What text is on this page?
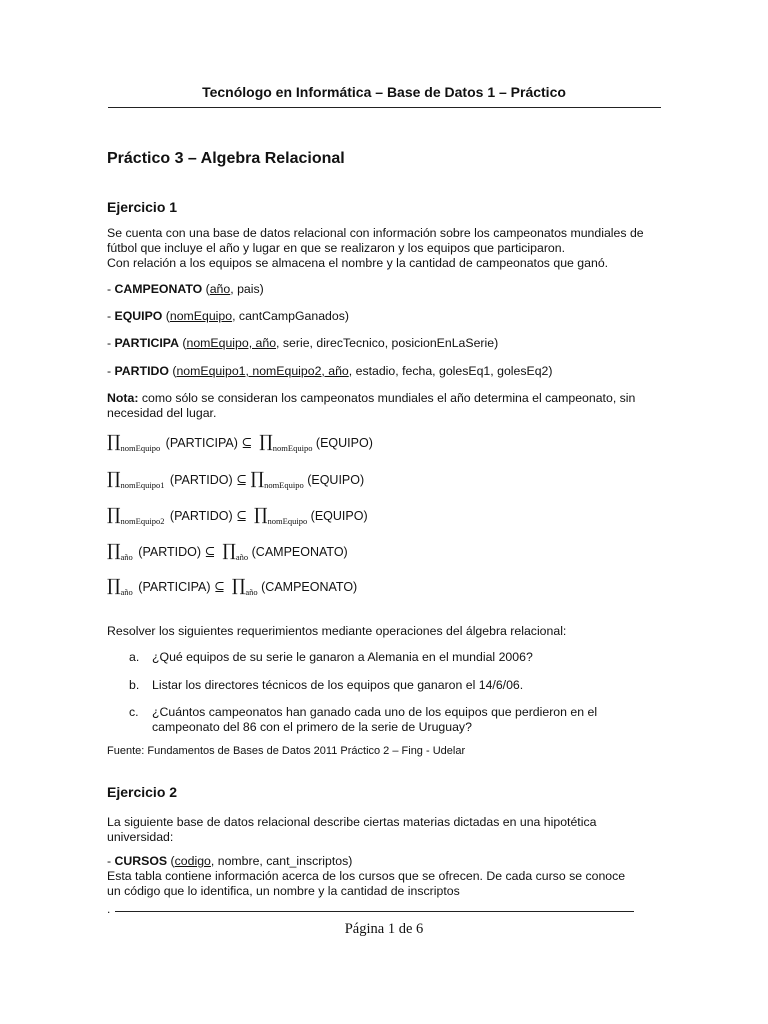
Tecnólogo en Informática – Base de Datos 1 – Práctico
Práctico 3 – Algebra Relacional
Ejercicio 1
Se cuenta con una base de datos relacional con información sobre los campeonatos mundiales de
fútbol que incluye el año y lugar en que se realizaron y los equipos que participaron.
Con relación a los equipos se almacena el nombre y la cantidad de campeonatos que ganó.
- CAMPEONATO (año, pais)
- EQUIPO (nomEquipo, cantCampGanados)
- PARTICIPA (nomEquipo, año, serie, direcTecnico, posicionEnLaSerie)
- PARTIDO (nomEquipo1, nomEquipo2, año, estadio, fecha, golesEq1, golesEq2)
Nota: como sólo se consideran los campeonatos mundiales el año determina el campeonato, sin
necesidad del lugar.
$\prod_{nomEquipo}$ (PARTICIPA) ⊆ $\prod_{nomEquipo}$ (EQUIPO)
$\prod_{nomEquipo1}$ (PARTIDO) ⊆ $\prod_{nomEquipo}$ (EQUIPO)
$\prod_{nomEquipo2}$ (PARTIDO) ⊆ $\prod_{nomEquipo}$ (EQUIPO)
$\prod_{año}$ (PARTIDO) ⊆ $\prod_{año}$ (CAMPEONATO)
$\prod_{año}$ (PARTICIPA) ⊆ $\prod_{año}$ (CAMPEONATO)
Resolver los siguientes requerimientos mediante operaciones del álgebra relacional:
a.	¿Qué equipos de su serie le ganaron a Alemania en el mundial 2006?
b.	Listar los directores técnicos de los equipos que ganaron el 14/6/06.
c.	¿Cuántos campeonatos han ganado cada uno de los equipos que perdieron en el
campeonato del 86 con el primero de la serie de Uruguay?
Fuente: Fundamentos de Bases de Datos 2011 Práctico 2 – Fing - Udelar
Ejercicio 2
La siguiente base de datos relacional describe ciertas materias dictadas en una hipotética
universidad:
- CURSOS (codigo, nombre, cant_inscriptos)
Esta tabla contiene información acerca de los cursos que se ofrecen. De cada curso se conoce
un código que lo identifica, un nombre y la cantidad de inscriptos
.
Página 1 de 6
